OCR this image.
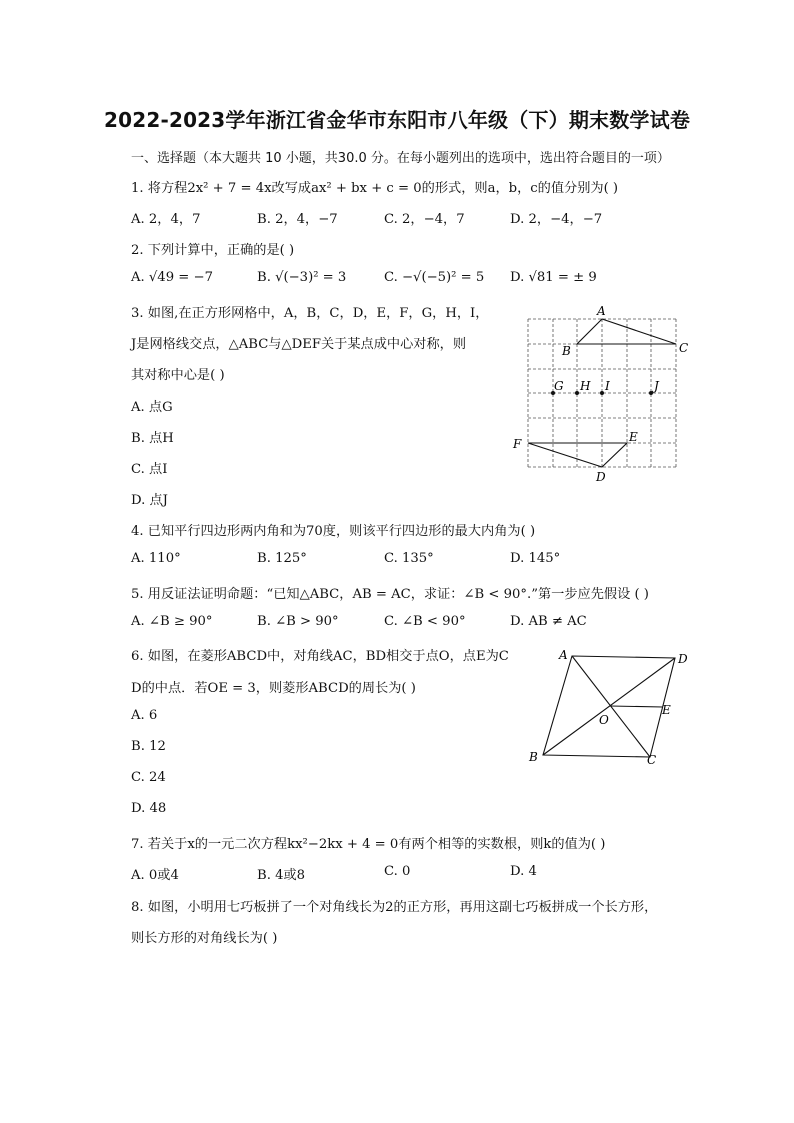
2022-2023学年浙江省金华市东阳市八年级（下）期末数学试卷
一、选择题（本大题共 10 小题，共30.0 分。在每小题列出的选项中，选出符合题目的一项）
1. 将方程2x² + 7 = 4x改写成ax² + bx + c = 0的形式，则a，b，c的值分别为( )
A. 2，4，7	B. 2，4，−7	C. 2，−4，7	D. 2，−4，−7
2. 下列计算中，正确的是( )
A. √49 = −7	B. √(−3)² = 3	C. −√(−5)² = 5 D. √81 = ± 9
3. 如图,在正方形网格中，A，B，C，D，E，F，G，H，I，
J是网格线交点，△ABC与△DEF关于某点成中心对称，则
其对称中心是( )
A. 点G
B. 点H
C. 点I
D. 点J
A
B	C
G H I	J
F	E
D
4. 已知平行四边形两内角和为70度，则该平行四边形的最大内角为( )
A. 110°	B. 125°	C. 135°	D. 145°
5. 用反证法证明命题：“已知△ABC，AB = AC，求证：∠B < 90°.”第一步应先假设 ( )
A. ∠B ≥ 90°	B. ∠B > 90°	C. ∠B < 90°	D. AB ≠ AC
6. 如图，在菱形ABCD中，对角线AC，BD相交于点O，点E为C
D的中点．若OE = 3，则菱形ABCD的周长为( )
A. 6
B. 12
C. 24
D. 48
A	D
O
E
B	C
7. 若关于x的一元二次方程kx²−2kx + 4 = 0有两个相等的实数根，则k的值为( )
A. 0或4	B. 4或8	C. 0	D. 4
8. 如图，小明用七巧板拼了一个对角线长为2的正方形，再用这副七巧板拼成一个长方形，
则长方形的对角线长为( )
